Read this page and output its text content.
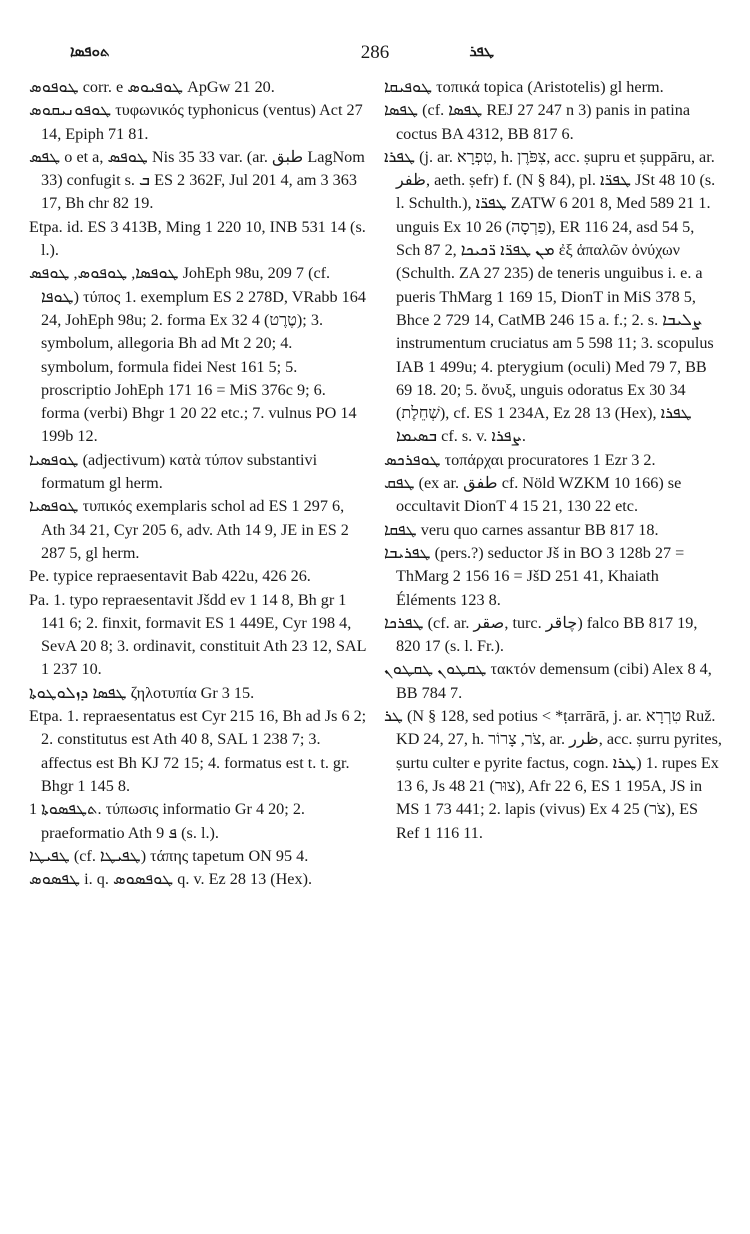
ܬܘܦܣܐ	286	ܛܦܪ

ܛܘܦܘܣ corr. e ܛܘܦܝܘܣ ApGw 21 20.

ܛܘܦܘܢܝܩܘܣ τυφωνικός typhonicus (ventus) Act 27 14, Epiph 71 81.

ܛܦܣ o et a, ܛܘܦܣ Nis 35 33 var. (ar. طبق LagNom 33) confugit s. ܒ ES 2 362F, Jul 201 4, am 3 363 17, Bh chr 82 19.

Etpa. id. ES 3 413B, Ming 1 220 10, INB 531 14 (s. l.).

ܛܘܦܣܐ, ܛܘܦܘܣ, ܛܘܦܣ JohEph 98u, 209 7 (cf. ܛܘܦܐ) τύπος 1. exemplum ES 2 278D, VRabb 164 24, JohEph 98u; 2. forma Ex 32 4 (טֶרֶט); 3. symbolum, allegoria Bh ad Mt 2 20; 4. symbolum, formula fidei Nest 161 5; 5. proscriptio JohEph 171 16 = MiS 376c 9; 6. forma (verbi) Bhgr 1 20 22 etc.; 7. vulnus PO 14 199b 12.

ܛܘܦܣܝܐ (adjectivum) κατὰ τύπον substantivi formatum gl herm.

ܛܘܦܣܝܐ τυπικός exemplaris schol ad ES 1 297 6, Ath 34 21, Cyr 205 6, adv. Ath 14 9, JE in ES 2 287 5, gl herm.

Pe. typice repraesentavit Bab 422u, 426 26.

Pa. 1. typo repraesentavit Jšdd ev 1 14 8, Bh gr 1 141 6; 2. finxit, formavit ES 1 449E, Cyr 198 4, SevA 20 8; 3. ordinavit, constituit Ath 23 12, SAL 1 237 10.

ܛܦܣܐ ܕܙܠܘܛܘܬܐ ζηλοτυπία Gr 3 15.

Etpa. 1. repraesentatus est Cyr 215 16, Bh ad Js 6 2; 2. constitutus est Ath 40 8, SAL 1 238 7; 3. affectus est Bh KJ 72 15; 4. formatus est t. t. gr. Bhgr 1 145 8.

ܬܛܦܣܘܬܐ 1. τύπωσις informatio Gr 4 20; 2. praeformatio Ath ܦ 9 (s. l.).

ܛܦܝܛܐ (cf. ܛܦܝܛܐ) τάπης tapetum ON 95 4.

ܛܦܣܘܣ i. q. ܛܘܦܣܘܣ q. v. Ez 28 13 (Hex).

ܛܘܦܝܩܐ τοπικά topica (Aristotelis) gl herm.

ܛܦܣܐ (cf. ܛܦܣܐ REJ 27 247 n 3) panis in patina coctus BA 4312, BB 817 6.

ܛܦܪܐ (j. ar. טִפְרָא, h. צִפֹּרֶן, acc. ṣupru et ṣuppāru, ar. ظفر, aeth. ṣefr) f. (N § 84), pl. ܛܦܪ̈ܐ JSt 48 10 (s. l. Schulth.), ܛܦܪ̈ܐ ZATW 6 201 8, Med 589 21 1. unguis Ex 10 26 (פַרְסָה), ER 116 24, asd 54 5, Sch 87 2, ܡܢ ܛܦܪ̈ܐ ܪ̈ܟܝܟܐ ἐξ ἁπαλῶν ὀνύχων (Schulth. ZA 27 235) de teneris unguibus i. e. a pueris ThMarg 1 169 15, DionT in MiS 378 5, Bhce 2 729 14, CatMB 246 15 a. f.; 2. s. ܨܠܝܒܐ instrumentum cruciatus am 5 598 11; 3. scopulus IAB 1 499u; 4. pterygium (oculi) Med 79 7, BB 69 18. 20; 5. ὄνυξ, unguis odoratus Ex 30 34 (שְׁחֵלֶת), cf. ES 1 234A, Ez 28 13 (Hex), ܛܦܪܐ ܒܣܝܡܐ cf. s. v. ܨܦܪܐ.

ܛܘܦܪܟܣ τοπάρχαι procuratores 1 Ezr 3 2.

ܛܦܩ (ex ar. طفق cf. Nöld WZKM 10 166) se occultavit DionT 4 15 21, 130 22 etc.

ܛܦܩܐ veru quo carnes assantur BB 817 18.

ܛܦܪܝܒܐ (pers.?) seductor Jš in BO 3 128b 27 = ThMarg 2 156 16 = JšD 251 41, Khaiath Éléments 123 8.

ܛܦܪܟܐ (cf. ar. صقر, turc. چاقر) falco BB 817 19, 820 17 (s. l. Fr.).

ܛܩܛܘܢ ܛܩܛܘܢ τακτόν demensum (cibi) Alex 8 4, BB 784 7.

ܛܪ (N § 128, sed potius < *ṭarrārā, j. ar. טִרְרָא Ruž. KD 24, 27, h. צֹר, צָרוֹר, ar. ظرر, acc. ṣurru pyrites, ṣurtu culter e pyrite factus, cogn. ܛܪܐ) 1. rupes Ex 13 6, Js 48 21 (צוּר), Afr 22 6, ES 1 195A, JS in MS 1 73 441; 2. lapis (vivus) Ex 4 25 (צֹר), ES Ref 1 116 11.
